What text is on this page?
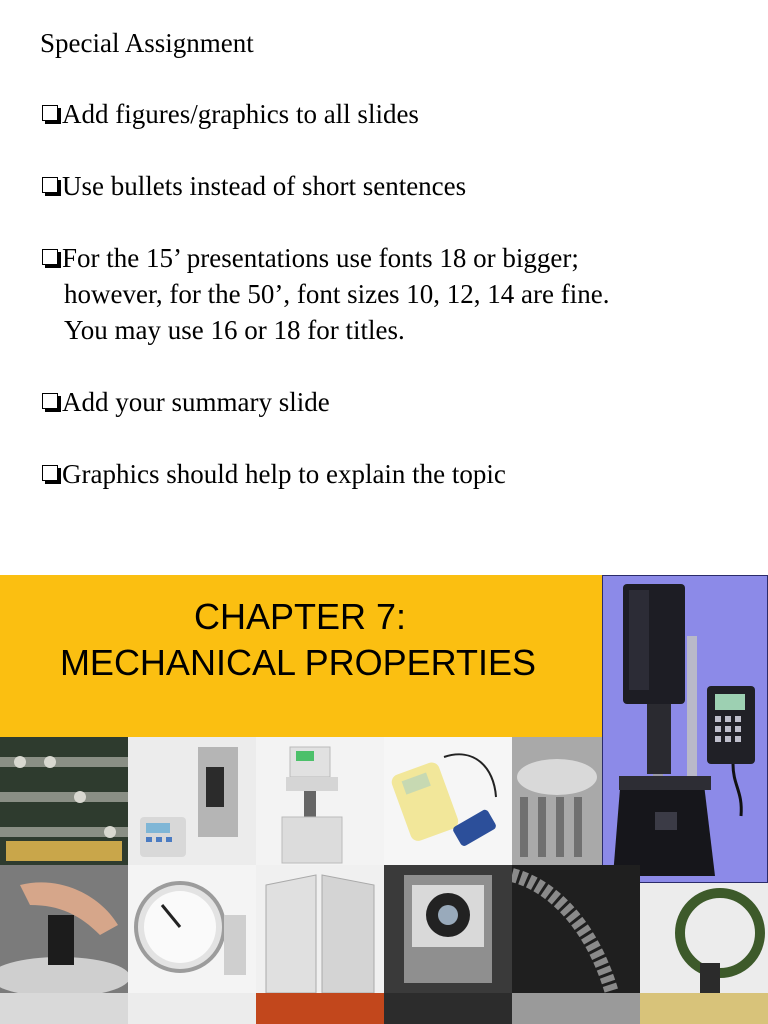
Special Assignment
Add figures/graphics to all slides
Use bullets instead of short sentences
For the 15’ presentations use fonts 18 or bigger;
however, for the 50’, font sizes 10, 12, 14 are fine.
You may use 16 or 18 for titles.
Add your summary slide
Graphics should help to explain the topic
CHAPTER 7:
MECHANICAL PROPERTIES
